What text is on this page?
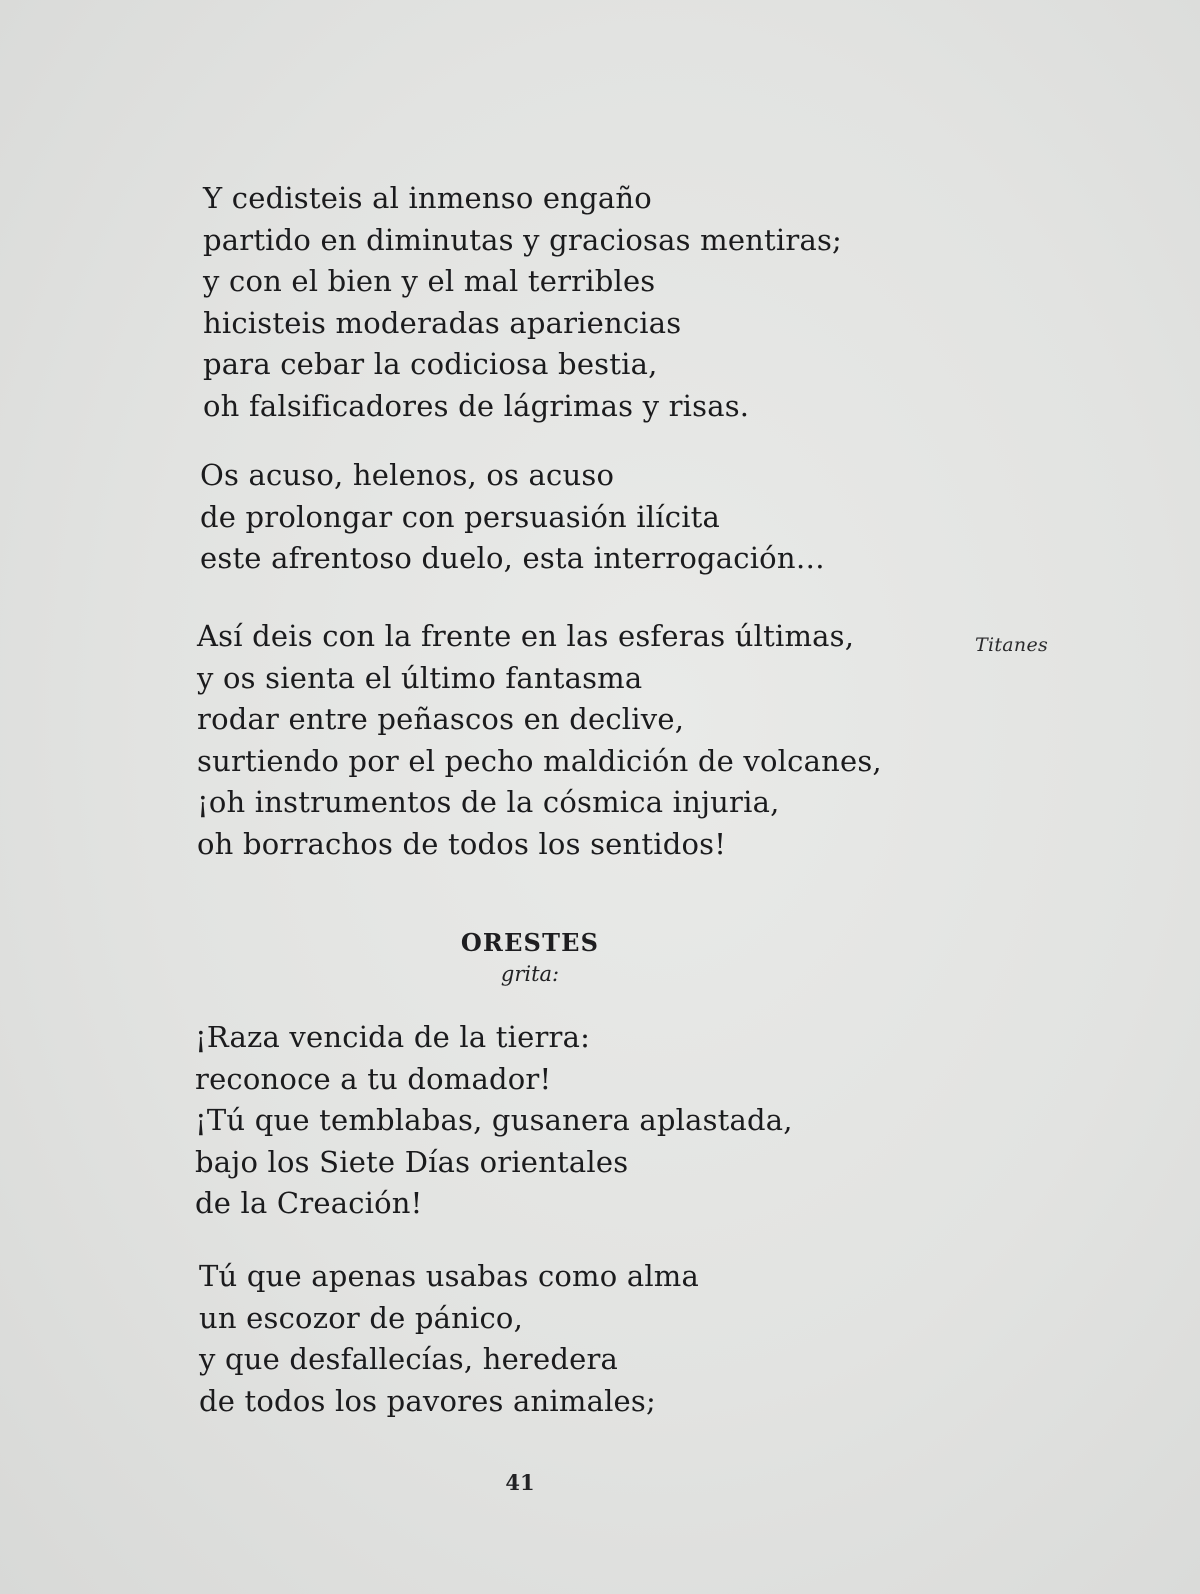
Y cedisteis al inmenso engaño
partido en diminutas y graciosas mentiras;
y con el bien y el mal terribles
hicisteis moderadas apariencias
para cebar la codiciosa bestia,
oh falsificadores de lágrimas y risas.
Os acuso, helenos, os acuso
de prolongar con persuasión ilícita
este afrentoso duelo, esta interrogación…
Así deis con la frente en las esferas últimas,
y os sienta el último fantasma
rodar entre peñascos en declive,
surtiendo por el pecho maldición de volcanes,
¡oh instrumentos de la cósmica injuria,
oh borrachos de todos los sentidos!
Titanes
ORESTES
grita:
¡Raza vencida de la tierra:
reconoce a tu domador!
¡Tú que temblabas, gusanera aplastada,
bajo los Siete Días orientales
de la Creación!
Tú que apenas usabas como alma
un escozor de pánico,
y que desfallecías, heredera
de todos los pavores animales;
41
